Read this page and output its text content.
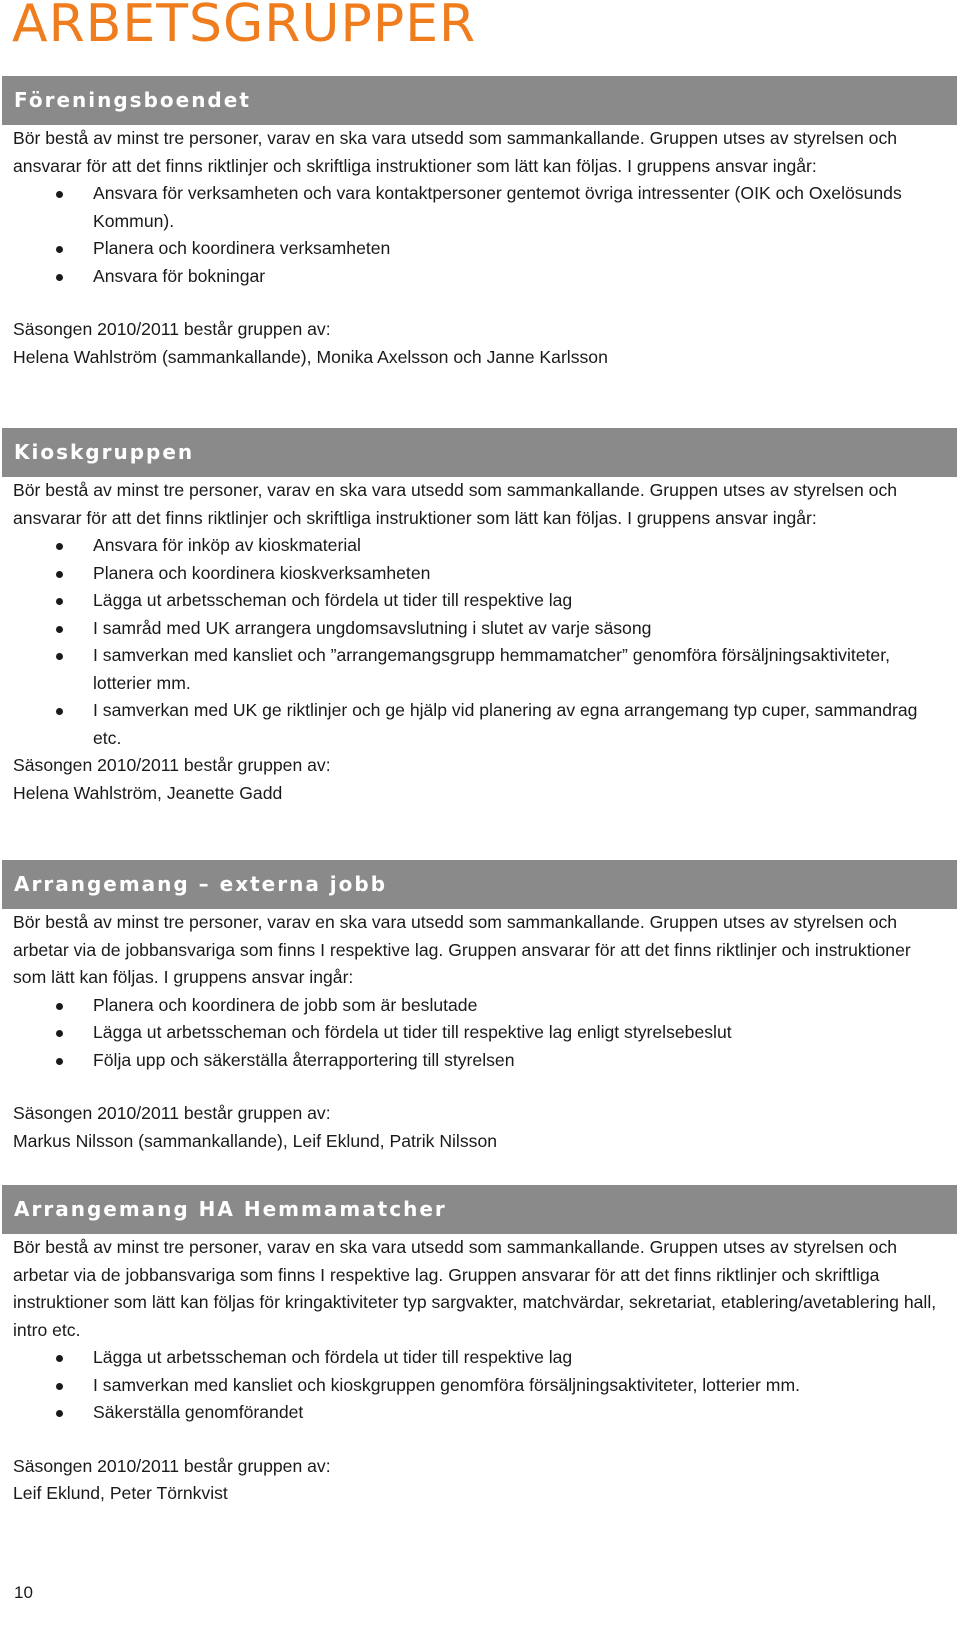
ARBETSGRUPPER
Föreningsboendet

Bör bestå av minst tre personer, varav en ska vara utsedd som sammankallande. Gruppen utses av styrelsen och ansvarar för att det finns riktlinjer och skriftliga instruktioner som lätt kan följas. I gruppens ansvar ingår:

Ansvara för verksamheten och vara kontaktpersoner gentemot övriga intressenter (OIK och Oxelösunds Kommun).
Planera och koordinera verksamheten
Ansvara för bokningar

Säsongen 2010/2011 består gruppen av:

Helena Wahlström (sammankallande), Monika Axelsson och Janne Karlsson

Kioskgruppen

Bör bestå av minst tre personer, varav en ska vara utsedd som sammankallande. Gruppen utses av styrelsen och ansvarar för att det finns riktlinjer och skriftliga instruktioner som lätt kan följas. I gruppens ansvar ingår:

Ansvara för inköp av kioskmaterial
Planera och koordinera kioskverksamheten
Lägga ut arbetsscheman och fördela ut tider till respektive lag
I samråd med UK arrangera ungdomsavslutning i slutet av varje säsong
I samverkan med kansliet och ”arrangemangsgrupp hemmamatcher” genomföra försäljningsaktiviteter, lotterier mm.
I samverkan med UK ge riktlinjer och ge hjälp vid planering av egna arrangemang typ cuper, sammandrag etc.

Säsongen 2010/2011 består gruppen av:

Helena Wahlström, Jeanette Gadd

Arrangemang – externa jobb

Bör bestå av minst tre personer, varav en ska vara utsedd som sammankallande. Gruppen utses av styrelsen och arbetar via de jobbansvariga som finns I respektive lag. Gruppen ansvarar för att det finns riktlinjer och instruktioner som lätt kan följas. I gruppens ansvar ingår:

Planera och koordinera de jobb som är beslutade
Lägga ut arbetsscheman och fördela ut tider till respektive lag enligt styrelsebeslut
Följa upp och säkerställa återrapportering till styrelsen

Säsongen 2010/2011 består gruppen av:

Markus Nilsson (sammankallande), Leif Eklund, Patrik Nilsson

Arrangemang HA Hemmamatcher

Bör bestå av minst tre personer, varav en ska vara utsedd som sammankallande. Gruppen utses av styrelsen och arbetar via de jobbansvariga som finns I respektive lag. Gruppen ansvarar för att det finns riktlinjer och skriftliga instruktioner som lätt kan följas för kringaktiviteter typ sargvakter, matchvärdar, sekretariat, etablering/avetablering hall, intro etc.

Lägga ut arbetsscheman och fördela ut tider till respektive lag
I samverkan med kansliet och kioskgruppen genomföra försäljningsaktiviteter, lotterier mm.
Säkerställa genomförandet

Säsongen 2010/2011 består gruppen av:

Leif Eklund, Peter Törnkvist

10
